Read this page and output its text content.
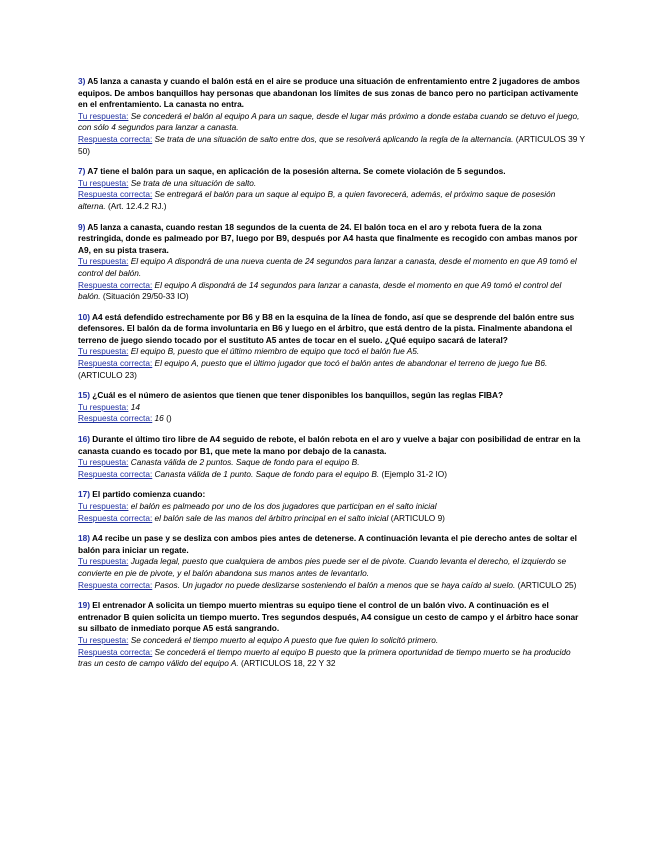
3) A5 lanza a canasta y cuando el balón está en el aire se produce una situación de enfrentamiento entre 2 jugadores de ambos equipos. De ambos banquillos hay personas que abandonan los límites de sus zonas de banco pero no participan activamente en el enfrentamiento. La canasta no entra.
Tu respuesta: Se concederá el balón al equipo A para un saque, desde el lugar más próximo a donde estaba cuando se detuvo el juego, con sólo 4 segundos para lanzar a canasta.
Respuesta correcta: Se trata de una situación de salto entre dos, que se resolverá aplicando la regla de la alternancia. (ARTICULOS 39 Y 50)
7) A7 tiene el balón para un saque, en aplicación de la posesión alterna. Se comete violación de 5 segundos.
Tu respuesta: Se trata de una situación de salto.
Respuesta correcta: Se entregará el balón para un saque al equipo B, a quien favorecerá, además, el próximo saque de posesión alterna. (Art. 12.4.2 RJ.)
9) A5 lanza a canasta, cuando restan 18 segundos de la cuenta de 24. El balón toca en el aro y rebota fuera de la zona restringida, donde es palmeado por B7, luego por B9, después por A4 hasta que finalmente es recogido con ambas manos por A9, en su pista trasera.
Tu respuesta: El equipo A dispondrá de una nueva cuenta de 24 segundos para lanzar a canasta, desde el momento en que A9 tomó el control del balón.
Respuesta correcta: El equipo A dispondrá de 14 segundos para lanzar a canasta, desde el momento en que A9 tomó el control del balón. (Situación 29/50-33 IO)
10) A4 está defendido estrechamente por B6 y B8 en la esquina de la línea de fondo, así que se desprende del balón entre sus defensores. El balón da de forma involuntaria en B6 y luego en el árbitro, que está dentro de la pista. Finalmente abandona el terreno de juego siendo tocado por el sustituto A5 antes de tocar en el suelo. ¿Qué equipo sacará de lateral?
Tu respuesta: El equipo B, puesto que el último miembro de equipo que tocó el balón fue A5.
Respuesta correcta: El equipo A, puesto que el último jugador que tocó el balón antes de abandonar el terreno de juego fue B6. (ARTICULO 23)
15) ¿Cuál es el número de asientos que tienen que tener disponibles los banquillos, según las reglas FIBA?
Tu respuesta: 14
Respuesta correcta: 16 ()
16) Durante el último tiro libre de A4 seguido de rebote, el balón rebota en el aro y vuelve a bajar con posibilidad de entrar en la canasta cuando es tocado por B1, que mete la mano por debajo de la canasta.
Tu respuesta: Canasta válida de 2 puntos. Saque de fondo para el equipo B.
Respuesta correcta: Canasta válida de 1 punto. Saque de fondo para el equipo B. (Ejemplo 31-2 IO)
17) El partido comienza cuando:
Tu respuesta: el balón es palmeado por uno de los dos jugadores que participan en el salto inicial
Respuesta correcta: el balón sale de las manos del árbitro principal en el salto inicial (ARTICULO 9)
18) A4 recibe un pase y se desliza con ambos pies antes de detenerse. A continuación levanta el pie derecho antes de soltar el balón para iniciar un regate.
Tu respuesta: Jugada legal, puesto que cualquiera de ambos pies puede ser el de pivote. Cuando levanta el derecho, el izquierdo se convierte en pie de pivote, y el balón abandona sus manos antes de levantarlo.
Respuesta correcta: Pasos. Un jugador no puede deslizarse sosteniendo el balón a menos que se haya caído al suelo. (ARTICULO 25)
19) El entrenador A solicita un tiempo muerto mientras su equipo tiene el control de un balón vivo. A continuación es el entrenador B quien solicita un tiempo muerto. Tres segundos después, A4 consigue un cesto de campo y el árbitro hace sonar su silbato de inmediato porque A5 está sangrando.
Tu respuesta: Se concederá el tiempo muerto al equipo A puesto que fue quien lo solicitó primero.
Respuesta correcta: Se concederá el tiempo muerto al equipo B puesto que la primera oportunidad de tiempo muerto se ha producido tras un cesto de campo válido del equipo A. (ARTICULOS 18, 22 Y 32
